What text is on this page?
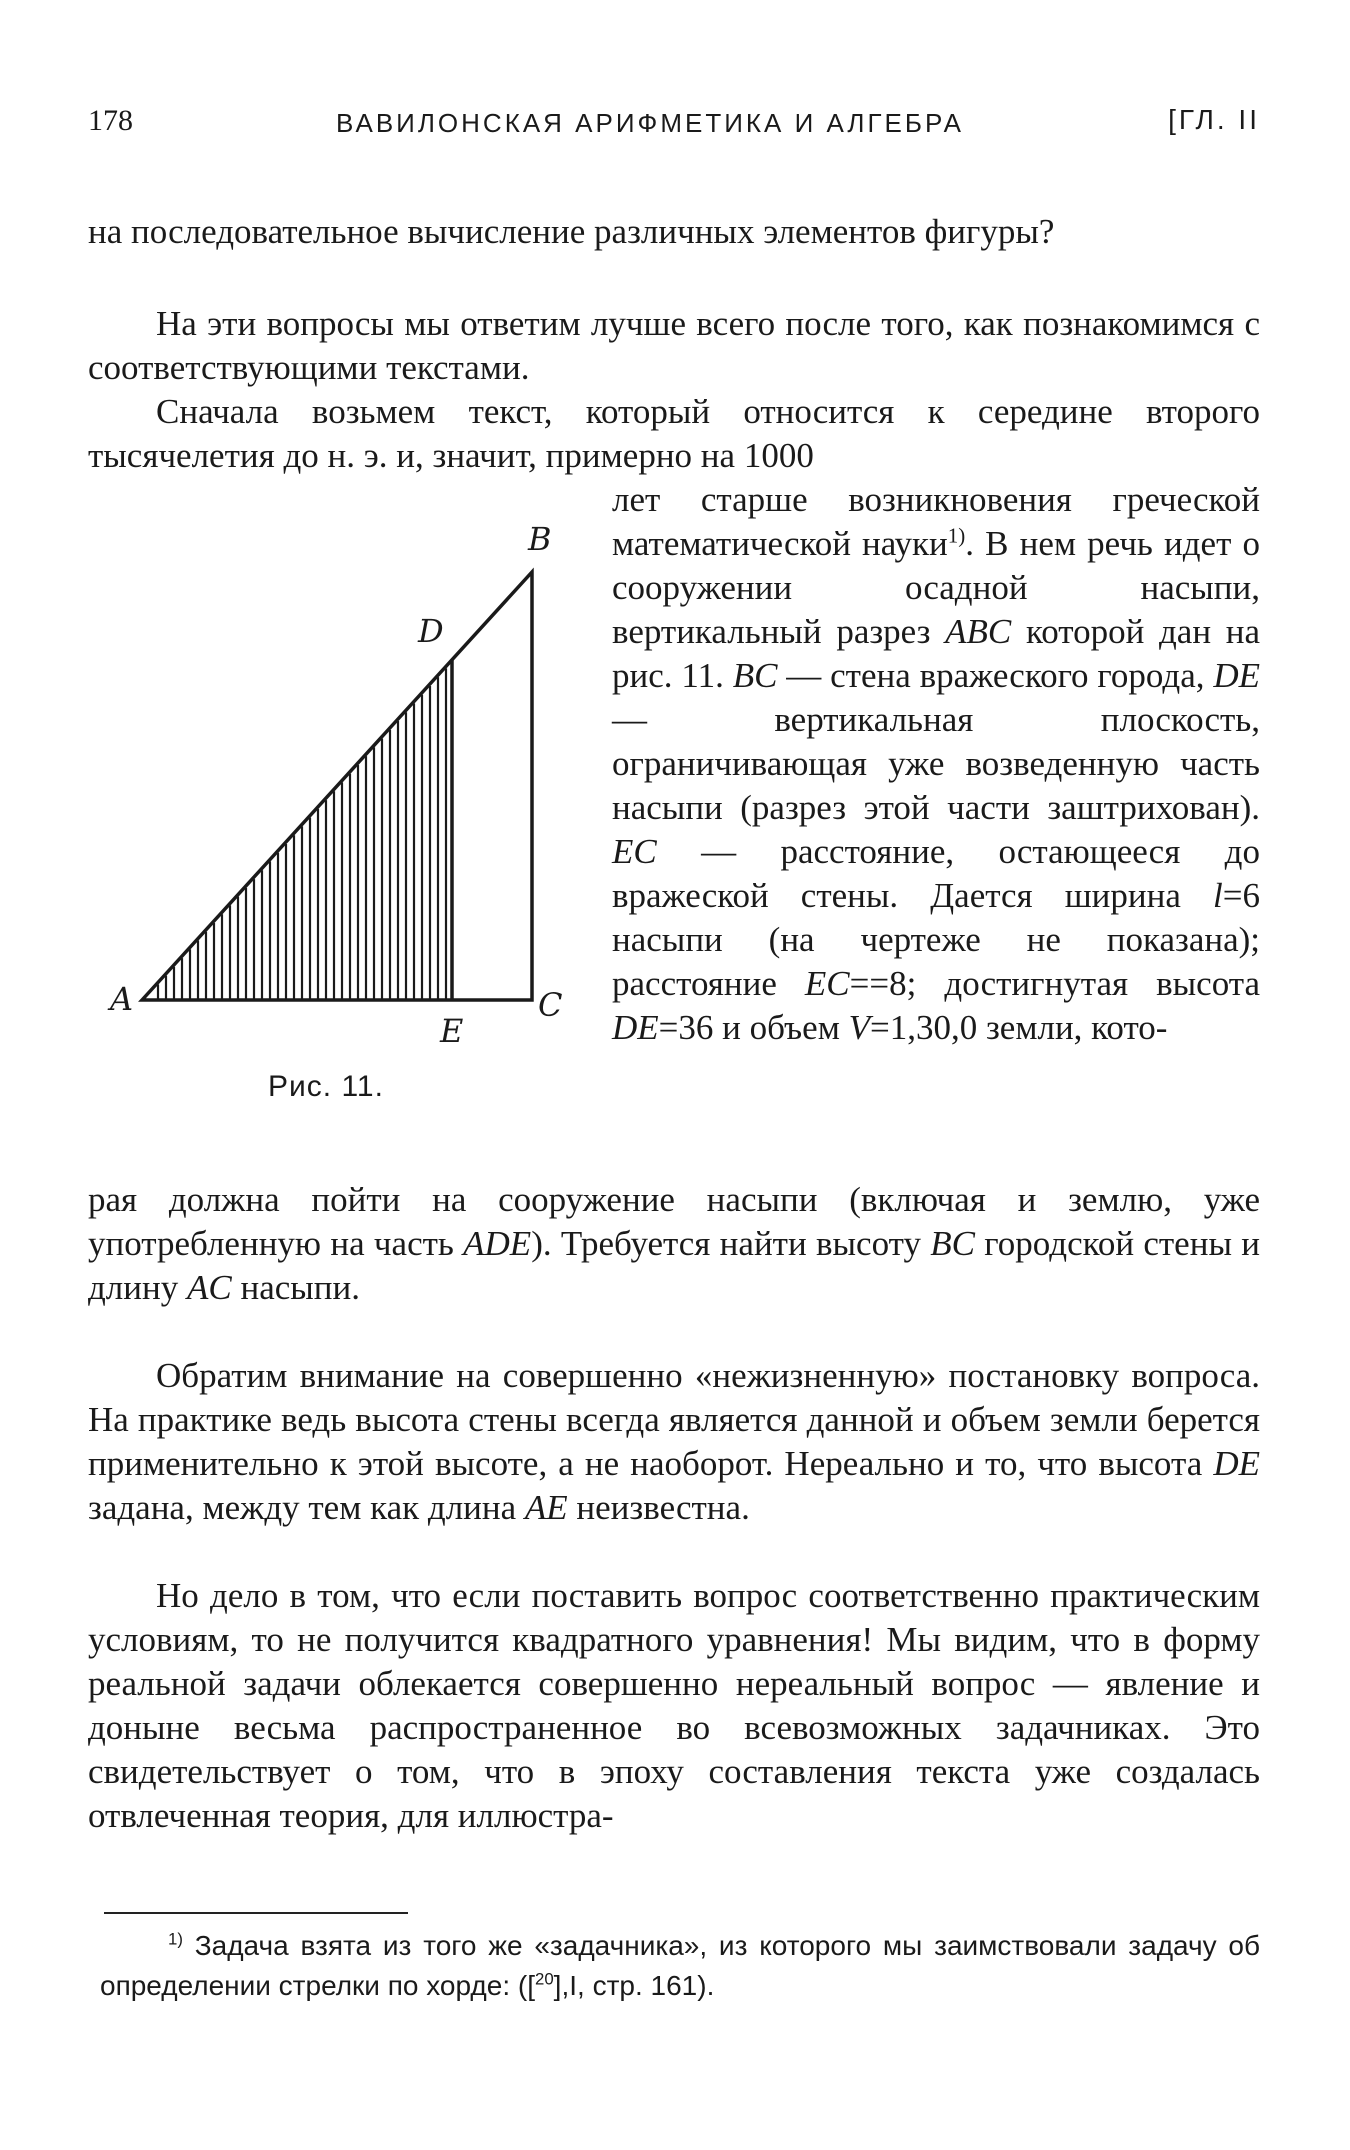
178	ВАВИЛОНСКАЯ АРИФМЕТИКА И АЛГЕБРА	[ГЛ. II
на последовательное вычисление различных элементов фигуры?
На эти вопросы мы ответим лучше всего после того, как познакомимся с соответствующими текстами.
Сначала возьмем текст, который относится к середине второго тысячелетия до н. э. и, значит, примерно на 1000
лет старше возникновения греческой математической науки$^{1)}$. В нем речь идет о сооружении осадной насыпи, вертикальный разрез ABC которой дан на рис. 11. BC — стена вражеского города, DE — вертикальная плоскость, ограничивающая уже возведенную часть насыпи (разрез этой части заштрихован). EC — расстояние, остающееся до вражеской стены. Дается ширина l=6 насыпи (на чертеже не показана); расстояние EC==8; достигнутая высота DE=36 и объем V=1,30,0 земли, кото-
B
D
A
E
C
Рис. 11.
рая должна пойти на сооружение насыпи (включая и землю, уже употребленную на часть ADE). Требуется найти высоту BC городской стены и длину AC насыпи.
Обратим внимание на совершенно «нежизненную» постановку вопроса. На практике ведь высота стены всегда является данной и объем земли берется применительно к этой высоте, а не наоборот. Нереально и то, что высота DE задана, между тем как длина AE неизвестна.
Но дело в том, что если поставить вопрос соответственно практическим условиям, то не получится квадратного уравнения! Мы видим, что в форму реальной задачи облекается совершенно нереальный вопрос — явление и доныне весьма распространенное во всевозможных задачниках. Это свидетельствует о том, что в эпоху составления текста уже создалась отвлеченная теория, для иллюстра-
$^{1)}$ Задача взята из того же «задачника», из которого мы заимствовали задачу об определении стрелки по хорде: ([$^{20}$],I, стр. 161).
